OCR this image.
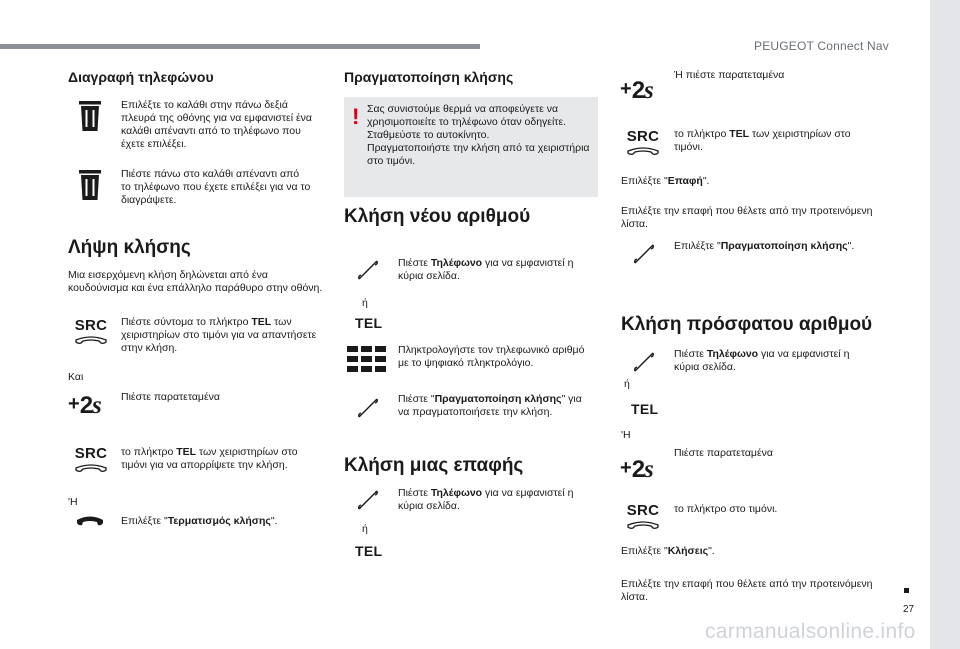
PEUGEOT Connect Nav
27
Διαγραφή τηλεφώνου
Επιλέξτε το καλάθι στην πάνω δεξιά
πλευρά της οθόνης για να εμφανιστεί ένα
καλάθι απέναντι από το τηλέφωνο που
έχετε επιλέξει.
Πιέστε πάνω στο καλάθι απέναντι από
το τηλέφωνο που έχετε επιλέξει για να το
διαγράψετε.
Λήψη κλήσης
Μια εισερχόμενη κλήση δηλώνεται από ένα
κουδούνισμα και ένα επάλληλο παράθυρο στην οθόνη.
SRC Πιέστε σύντομα το πλήκτρο TEL των
χειριστηρίων στο τιμόνι για να απαντήσετε
στην κλήση.
Και
+2s Πιέστε παρατεταμένα
SRC το πλήκτρο TEL των χειριστηρίων στο
τιμόνι για να απορρίψετε την κλήση.
'Η
Επιλέξτε "Τερματισμός κλήσης".
Πραγματοποίηση κλήσης
! Σας συνιστούμε θερμά να αποφεύγετε να
χρησιμοποιείτε το τηλέφωνο όταν οδηγείτε.
Σταθμεύστε το αυτοκίνητο.
Πραγματοποιήστε την κλήση από τα χειριστήρια
στο τιμόνι.
Κλήση νέου αριθμού
Πιέστε Τηλέφωνο για να εμφανιστεί η
κύρια σελίδα.
ή
TEL
Πληκτρολογήστε τον τηλεφωνικό αριθμό
με το ψηφιακό πληκτρολόγιο.
Πιέστε "Πραγματοποίηση κλήσης" για
να πραγματοποιήσετε την κλήση.
Κλήση μιας επαφής
Πιέστε Τηλέφωνο για να εμφανιστεί η
κύρια σελίδα.
ή
TEL
+2s
Ή πιέστε παρατεταμένα
SRC το πλήκτρο TEL των χειριστηρίων στο
τιμόνι.
Επιλέξτε "Επαφή".
Επιλέξτε την επαφή που θέλετε από την προτεινόμενη
λίστα.
Επιλέξτε "Πραγματοποίηση κλήσης".
Κλήση πρόσφατου αριθμού
Πιέστε Τηλέφωνο για να εμφανιστεί η
κύρια σελίδα.
ή
TEL
'Η
+2s
Πιέστε παρατεταμένα
SRC το πλήκτρο στο τιμόνι.
Επιλέξτε "Κλήσεις".
Επιλέξτε την επαφή που θέλετε από την προτεινόμενη
λίστα.
carmanualsonline.info
